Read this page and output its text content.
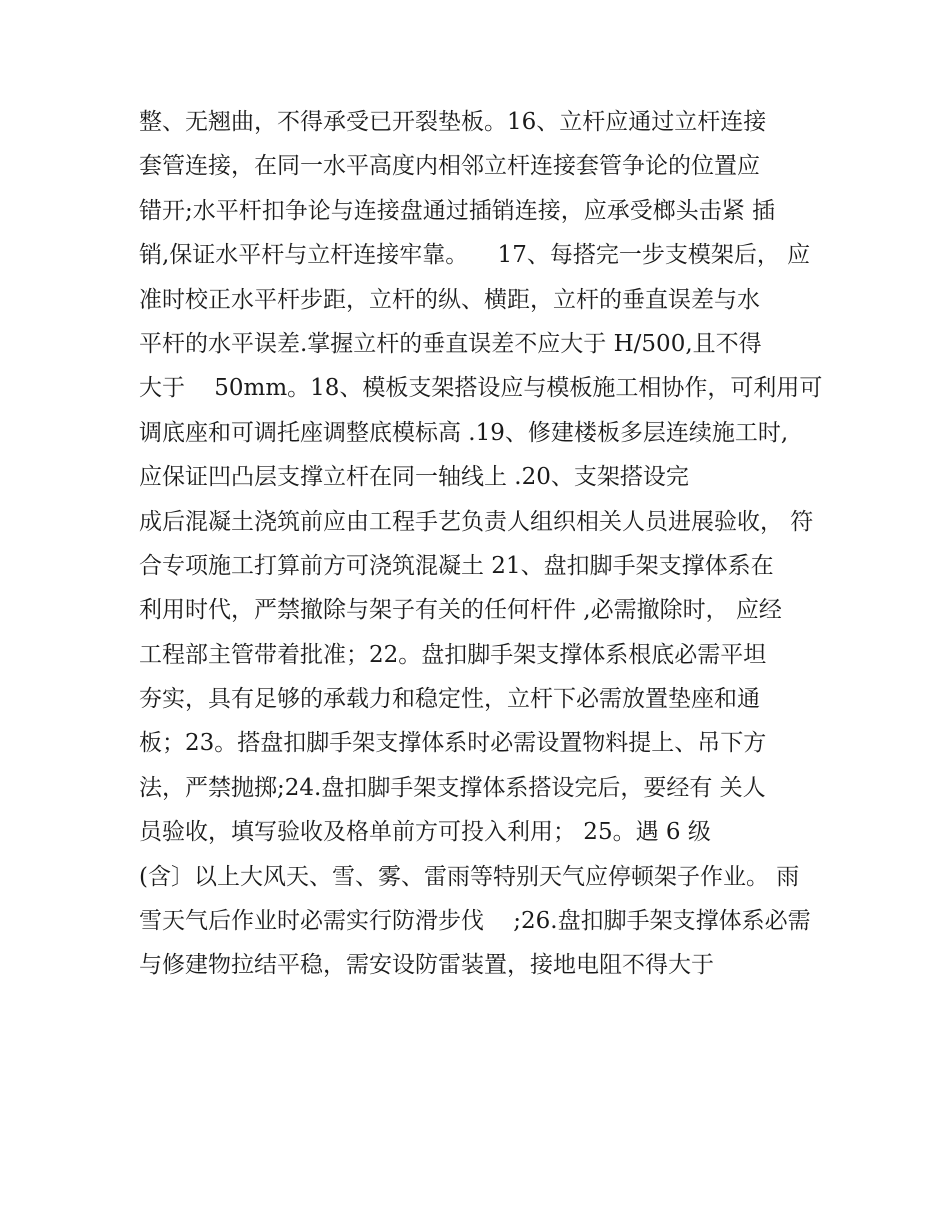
整、无翘曲，不得承受已开裂垫板。16、立杆应通过立杆连接
套管连接，在同一水平高度内相邻立杆连接套管争论的位置应
错开;水平杆扣争论与连接盘通过插销连接，应承受榔头击紧 插
销,保证水平杆与立杆连接牢靠。    17、每搭完一步支模架后， 应
准时校正水平杆步距，立杆的纵、横距，立杆的垂直误差与水
平杆的水平误差.掌握立杆的垂直误差不应大于 H/500,且不得
大于    50mm。18、模板支架搭设应与模板施工相协作，可利用可
调底座和可调托座调整底模标高 .19、修建楼板多层连续施工时,
应保证凹凸层支撑立杆在同一轴线上 .20、支架搭设完
成后混凝土浇筑前应由工程手艺负责人组织相关人员进展验收， 符
合专项施工打算前方可浇筑混凝土 21、盘扣脚手架支撑体系在
利用时代，严禁撤除与架子有关的任何杆件 ,必需撤除时， 应经
工程部主管带着批准；22。盘扣脚手架支撑体系根底必需平坦
夯实，具有足够的承载力和稳定性，立杆下必需放置垫座和通
板；23。搭盘扣脚手架支撑体系时必需设置物料提上、吊下方
法，严禁抛掷;24.盘扣脚手架支撑体系搭设完后，要经有 关人
员验收，填写验收及格单前方可投入利用； 25。遇 6 级
(含〕以上大风天、雪、雾、雷雨等特别天气应停顿架子作业。 雨
雪天气后作业时必需实行防滑步伐    ;26.盘扣脚手架支撑体系必需
与修建物拉结平稳，需安设防雷装置，接地电阻不得大于
